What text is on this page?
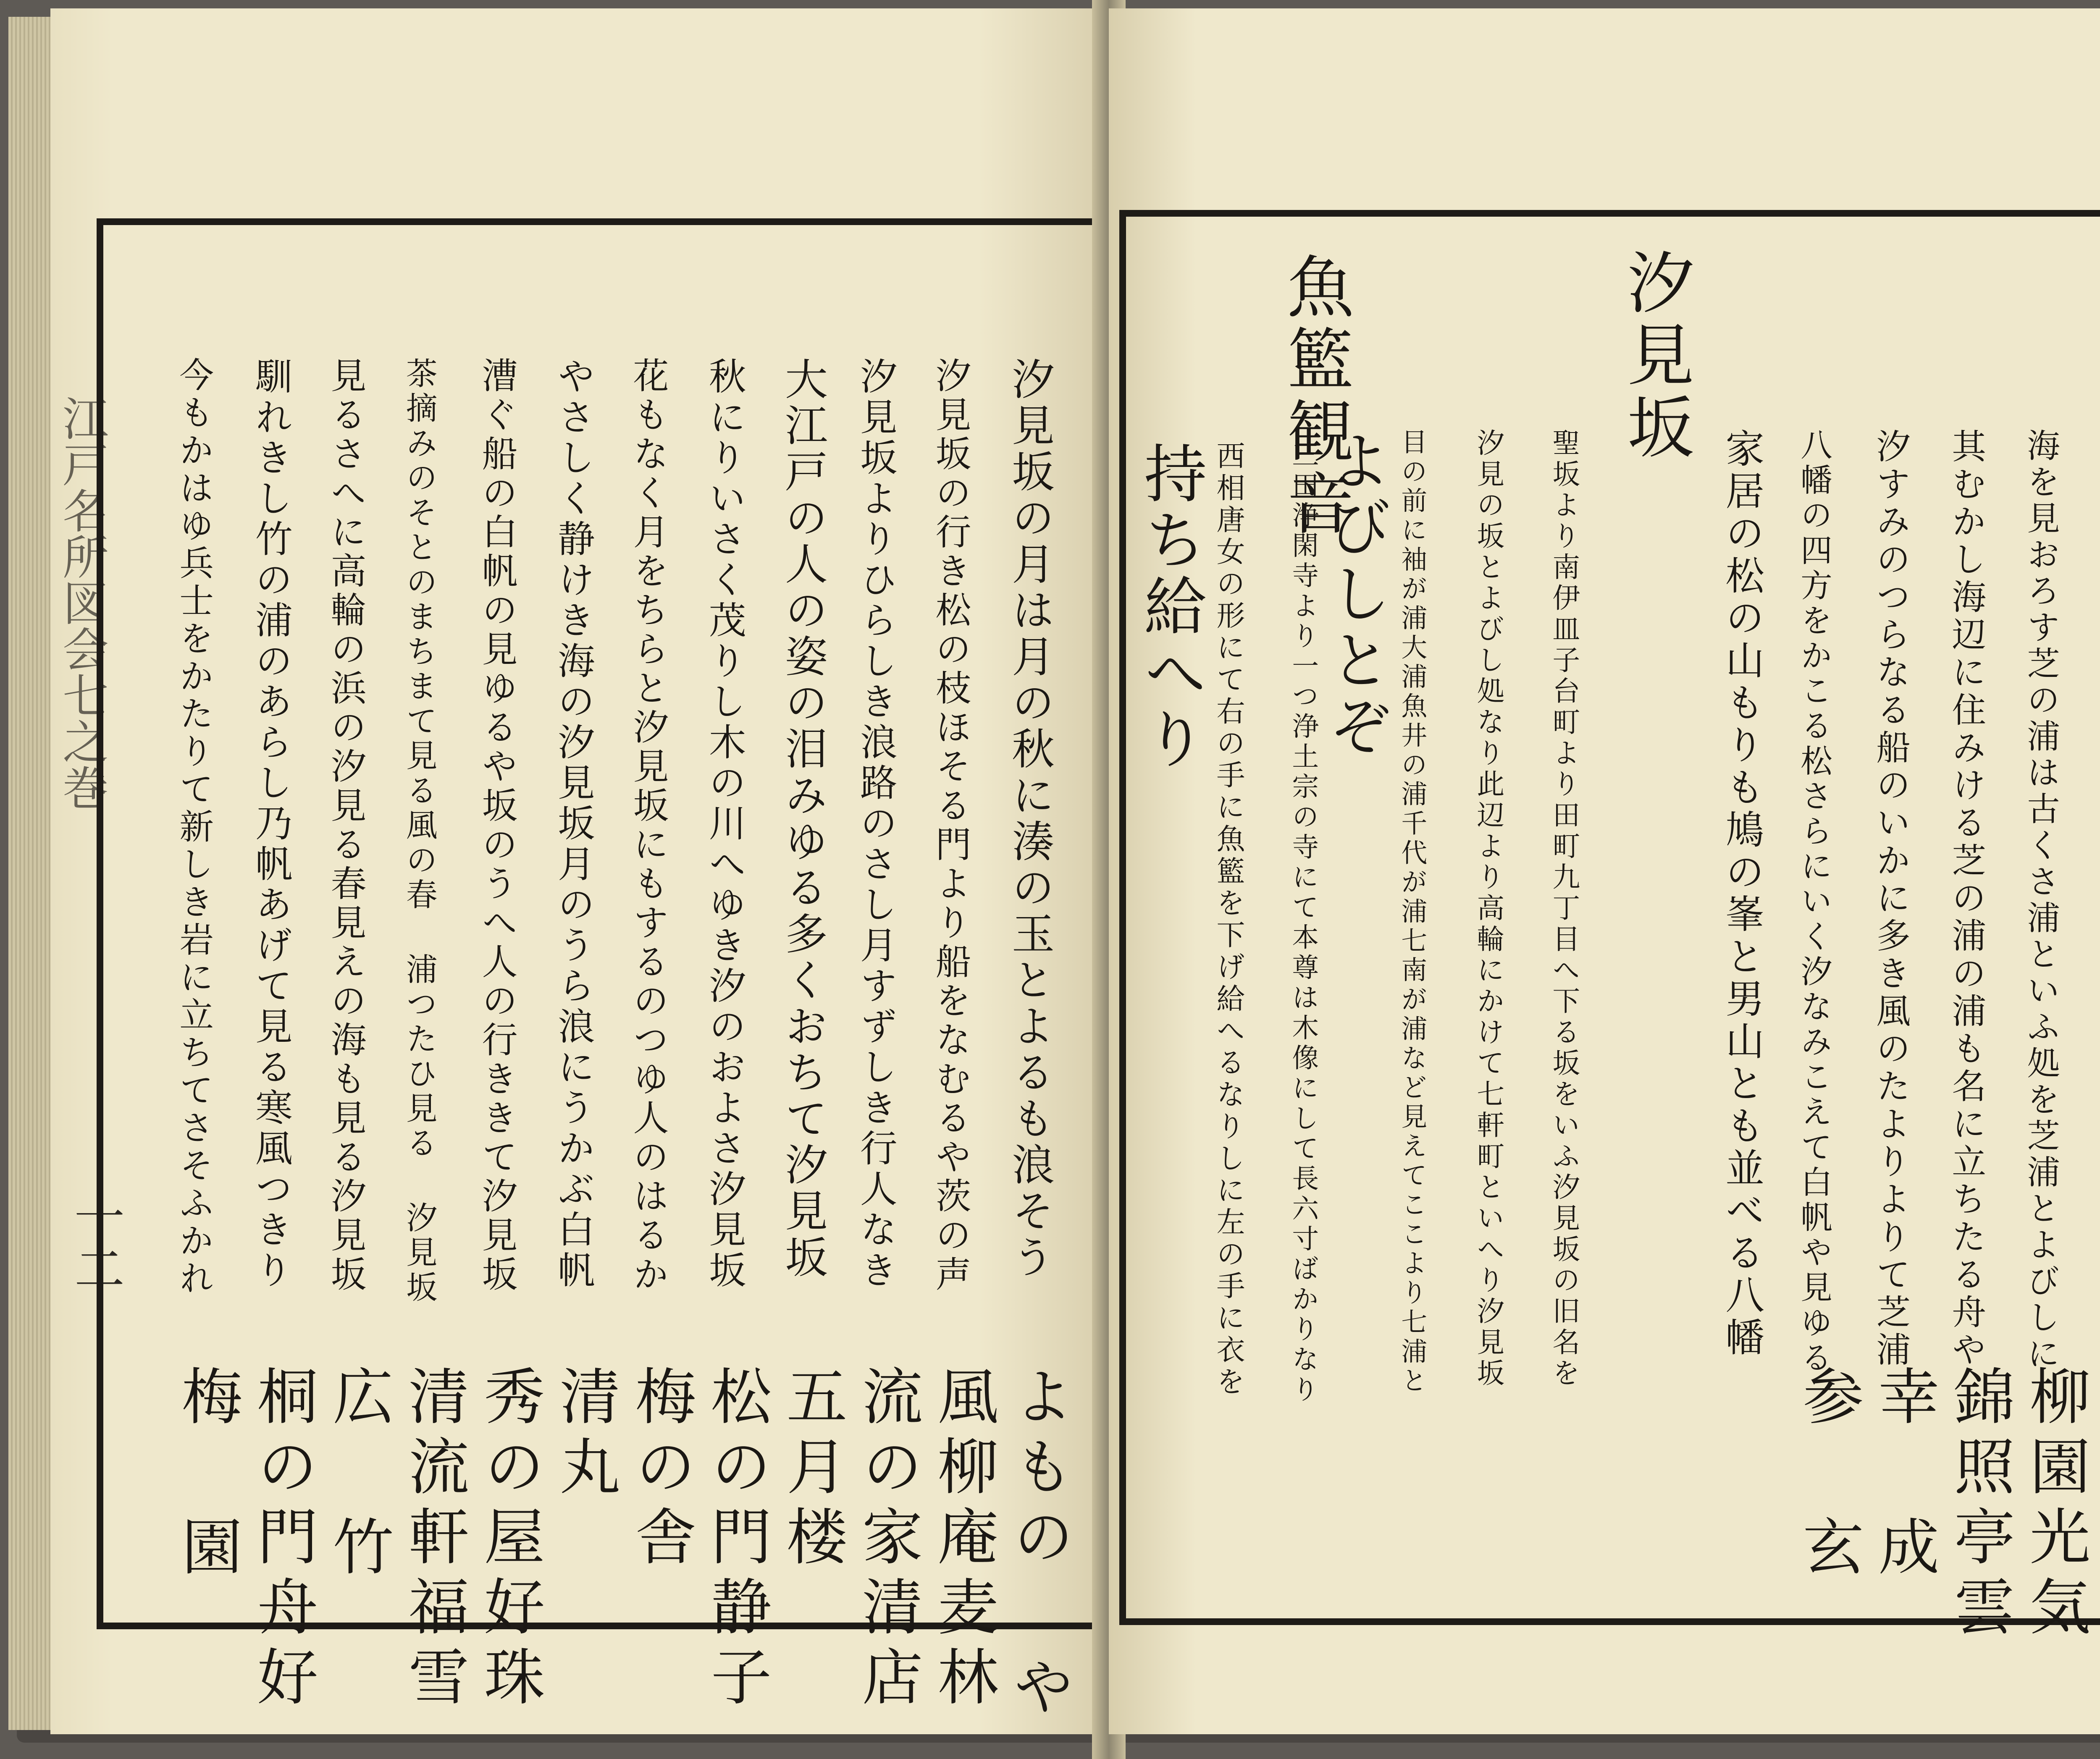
江戸名所図会七之巻
十二	汐見坂の月は月の秋に湊の玉とよるも浪そう
よもの や
汐見坂の行き松の枝ほそる門より船をなむるや茨の声
風柳庵麦林
汐見坂よりひらしき浪路のさし月すずしき行人なき
流の家清店
大江戸の人の姿の泪みゆる多くおちて汐見坂
五月楼
秋にりいさく茂りし木の川へゆき汐のおよさ汐見坂
松の門静子
花もなく月をちらと汐見坂にもするのつゆ人のはるか
梅の舎
やさしく静けき海の汐見坂月のうら浪にうかぶ白帆
清丸
漕ぐ船の白帆の見ゆるや坂のうへ人の行ききて汐見坂
秀の屋好珠
茶摘みのそとのまちまて見る風の春 浦つたひ見る 汐見坂
清流軒福雪
見るさへに高輪の浜の汐見る春見えの海も見る汐見坂
広 竹
馴れきし竹の浦のあらし乃帆あげて見る寒風つきり
桐の門舟好
今もかはゆ兵士をかたりて新しき岩に立ちてさそふかれ
梅 園
海を見おろす芝の浦は古くさ浦といふ処を芝浦とよびしに
柳園光気
其むかし海辺に住みける芝の浦の浦も名に立ちたる舟や
錦照亭雲
汐すみのつらなる船のいかに多き風のたよりよりて芝浦
幸 成
八幡の四方をかこる松さらにいく汐なみこえて白帆や見ゆる
参 玄
家居の松の山もりも鳩の峯と男山とも並べる八幡
汐見坂
聖坂より南伊皿子台町より田町九丁目へ下る坂をいふ汐見坂の旧名を
汐見の坂とよびし処なり此辺より高輪にかけて七軒町といへり汐見坂
目の前に袖が浦大浦魚井の浦千代が浦七南が浦など見えてここより七浦と
よびしとぞ
魚籃観音
三田浄閑寺より一つ浄土宗の寺にて本尊は木像にして長六寸ばかりなり
西相唐女の形にて右の手に魚籃を下げ給へるなりしに左の手に衣を
持ち給へり
